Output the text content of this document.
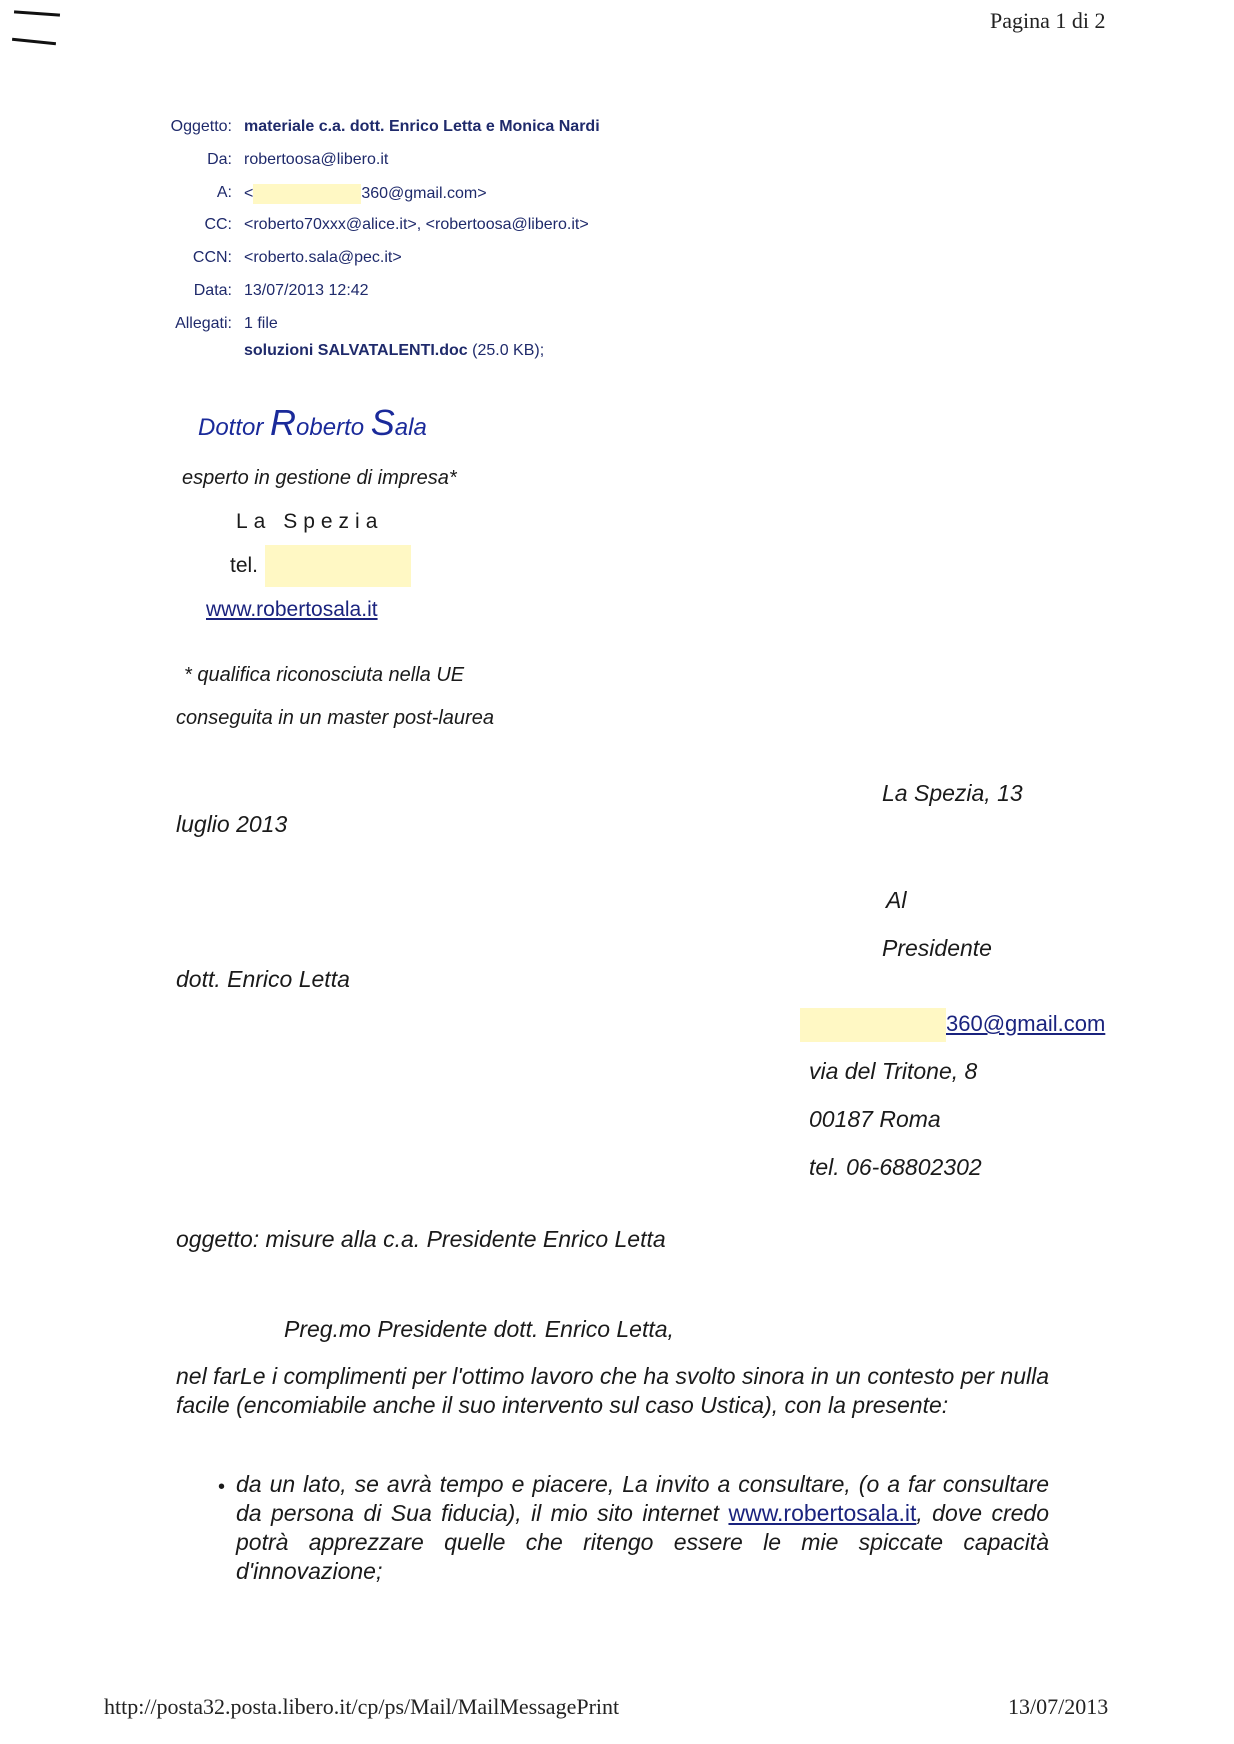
Pagina 1 di 2
Oggetto: materiale c.a. dott. Enrico Letta e Monica Nardi
Da: robertoosa@libero.it
A: <	360@gmail.com>
CC: <roberto70xxx@alice.it>, <robertoosa@libero.it>
CCN: <roberto.sala@pec.it>
Data: 13/07/2013 12:42
Allegati: 1 file
soluzioni SALVATALENTI.doc (25.0 KB);
Dottor Roberto Sala
esperto in gestione di impresa*
La Spezia
tel.
www.robertosala.it
* qualifica riconosciuta nella UE
conseguita in un master post-laurea
La Spezia, 13
luglio 2013
Al
Presidente
dott. Enrico Letta
360@gmail.com
via del Tritone, 8
00187 Roma
tel. 06-68802302
oggetto: misure alla c.a. Presidente Enrico Letta
Preg.mo Presidente dott. Enrico Letta,
nel farLe i complimenti per l'ottimo lavoro che ha svolto sinora in un contesto per nulla facile (encomiabile anche il suo intervento sul caso Ustica), con la presente:
• da un lato, se avrà tempo e piacere, La invito a consultare, (o a far consultare da persona di Sua fiducia), il mio sito internet www.robertosala.it, dove credo potrà apprezzare quelle che ritengo essere le mie spiccate capacità d'innovazione;
http://posta32.posta.libero.it/cp/ps/Mail/MailMessagePrint	13/07/2013
